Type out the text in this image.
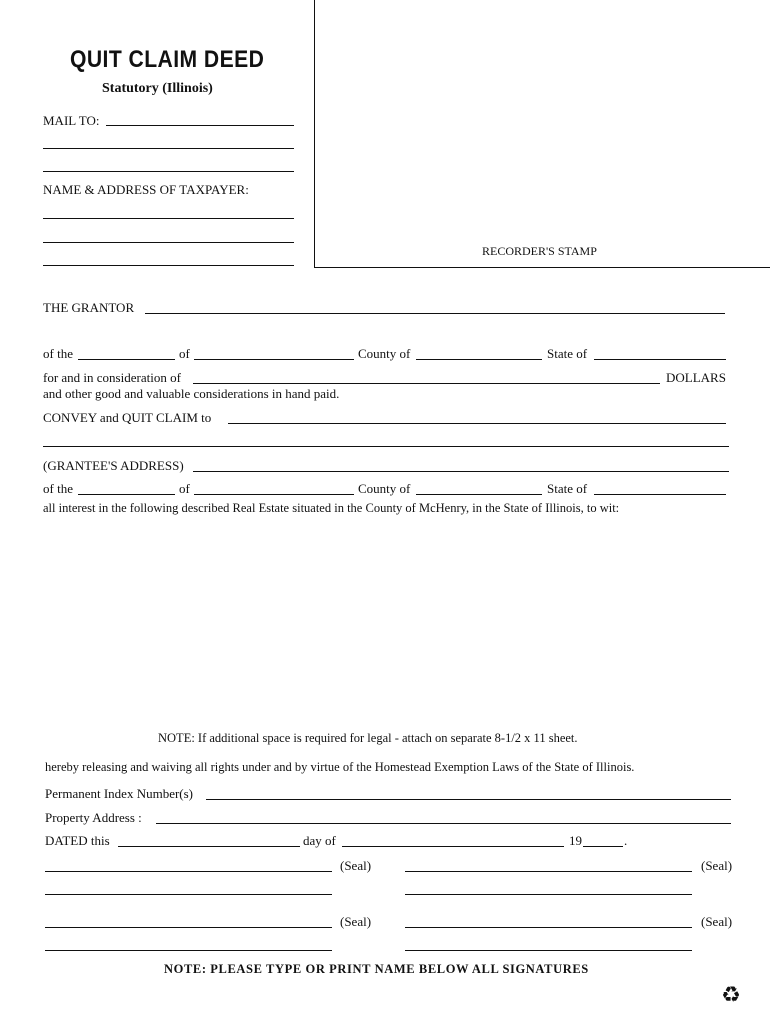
QUIT CLAIM DEED
Statutory (Illinois)
MAIL TO:
NAME & ADDRESS OF TAXPAYER:
RECORDER'S STAMP
THE GRANTOR
of the	of	County of	State of
for and in consideration of	DOLLARS
and other good and valuable considerations in hand paid.
CONVEY and QUIT CLAIM to
(GRANTEE'S ADDRESS)
of the	of	County of	State of
all interest in the following described Real Estate situated in the County of McHenry, in the State of Illinois, to wit:
NOTE: If additional space is required for legal - attach on separate 8-1/2 x 11 sheet.
hereby releasing and waiving all rights under and by virtue of the Homestead Exemption Laws of the State of Illinois.
Permanent Index Number(s)
Property Address :
DATED this	day of	19	.
(Seal)	(Seal)
(Seal)	(Seal)
NOTE: PLEASE TYPE OR PRINT NAME BELOW ALL SIGNATURES
♻
